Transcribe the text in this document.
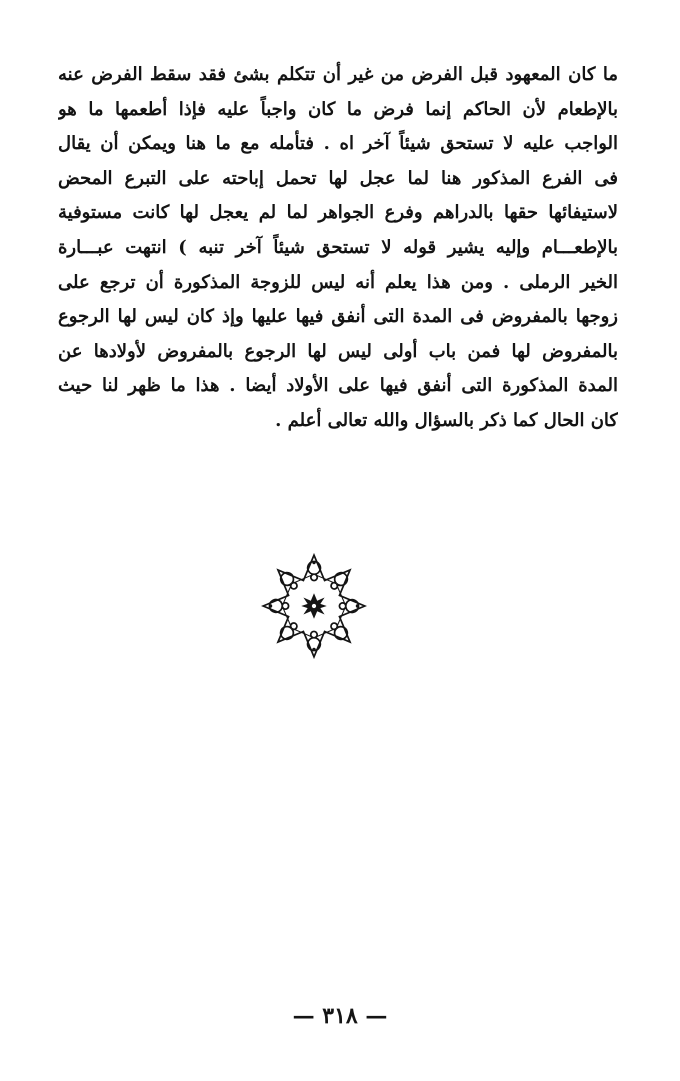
ما كان المعهود قبل الفرض من غير أن تتكلم بشئ فقد سقط الفرض عنه
بالإطعام لأن الحاكم إنما فرض ما كان واجباً عليه فإذا أطعمها ما هو
الواجب عليه لا تستحق شيئاً آخر اه . فتأمله مع ما هنا ويمكن أن يقال
فى الفرع المذكور هنا لما عجل لها تحمل إباحته على التبرع المحض
لاستيفائها حقها بالدراهم وفرع الجواهر لما لم يعجل لها كانت مستوفية
بالإطعـــام وإليه يشير قوله لا تستحق شيئاً آخر تنبه ) انتهت عبـــارة
الخير الرملى . ومن هذا يعلم أنه ليس للزوجة المذكورة أن ترجع على
زوجها بالمفروض فى المدة التى أنفق فيها عليها وإذ كان ليس لها الرجوع
بالمفروض لها فمن باب أولى ليس لها الرجوع بالمفروض لأولادها عن
المدة المذكورة التى أنفق فيها على الأولاد أيضا . هذا ما ظهر لنا حيث
كان الحال كما ذكر بالسؤال والله تعالى أعلم .
— ٣١٨ —
